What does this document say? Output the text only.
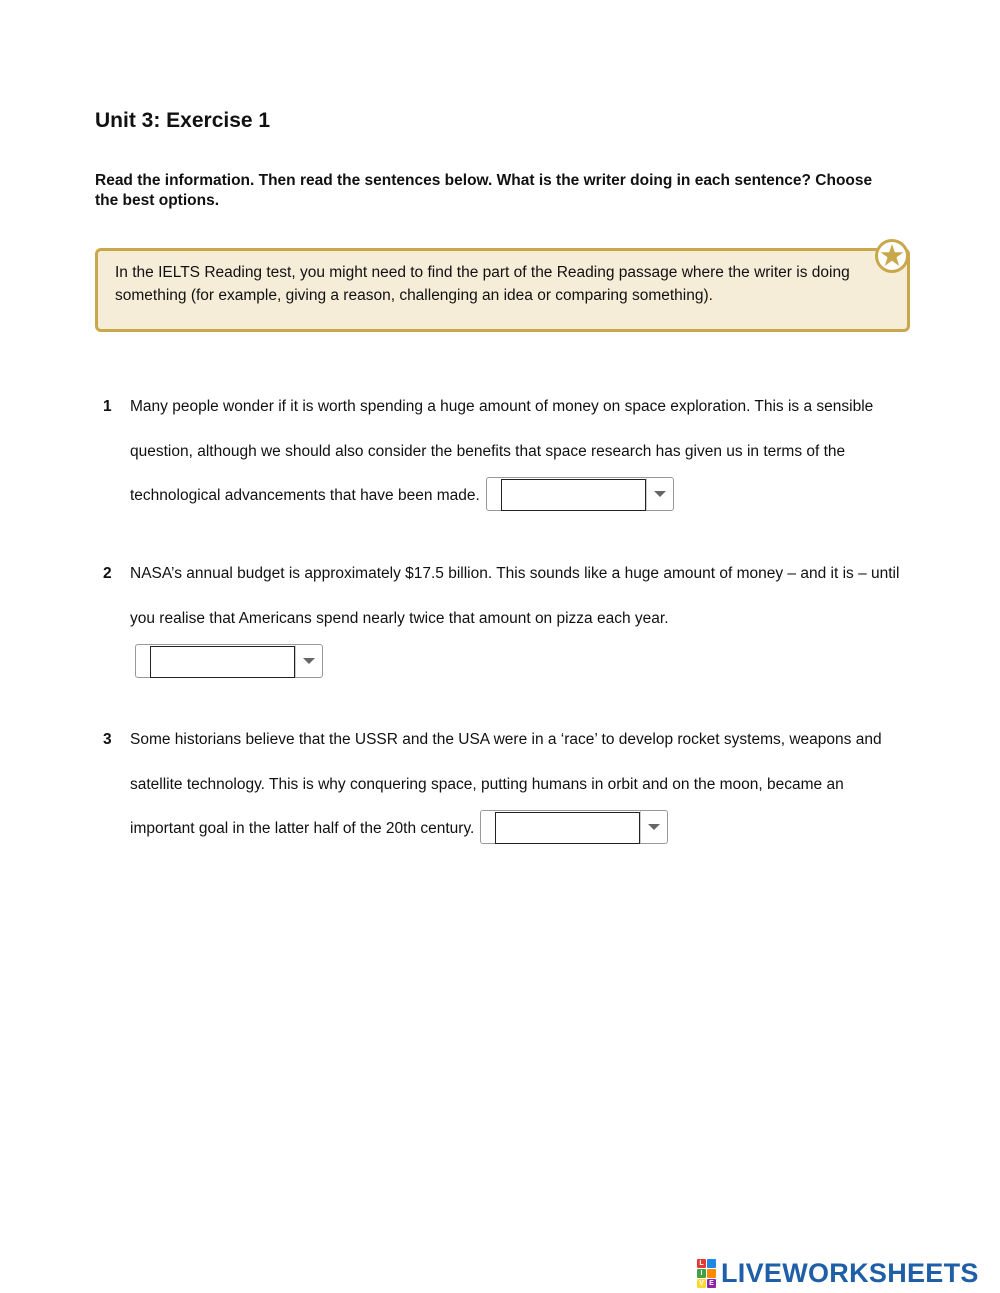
Unit 3: Exercise 1

Read the information. Then read the sentences below. What is the writer doing in each sentence? Choose the best options.

In the IELTS Reading test, you might need to find the part of the Reading passage where the writer is doing something (for example, giving a reason, challenging an idea or comparing something).

1 Many people wonder if it is worth spending a huge amount of money on space exploration. This is a sensible question, although we should also consider the benefits that space research has given us in terms of the technological advancements that have been made.
2 NASA’s annual budget is approximately $17.5 billion. This sounds like a huge amount of money – and it is – until you realise that Americans spend nearly twice that amount on pizza each year.

3 Some historians believe that the USSR and the USA were in a ‘race’ to develop rocket systems, weapons and satellite technology. This is why conquering space, putting humans in orbit and on the moon, became an important goal in the latter half of the 20th century.
L
I
V E LIVEWORKSHEETS
